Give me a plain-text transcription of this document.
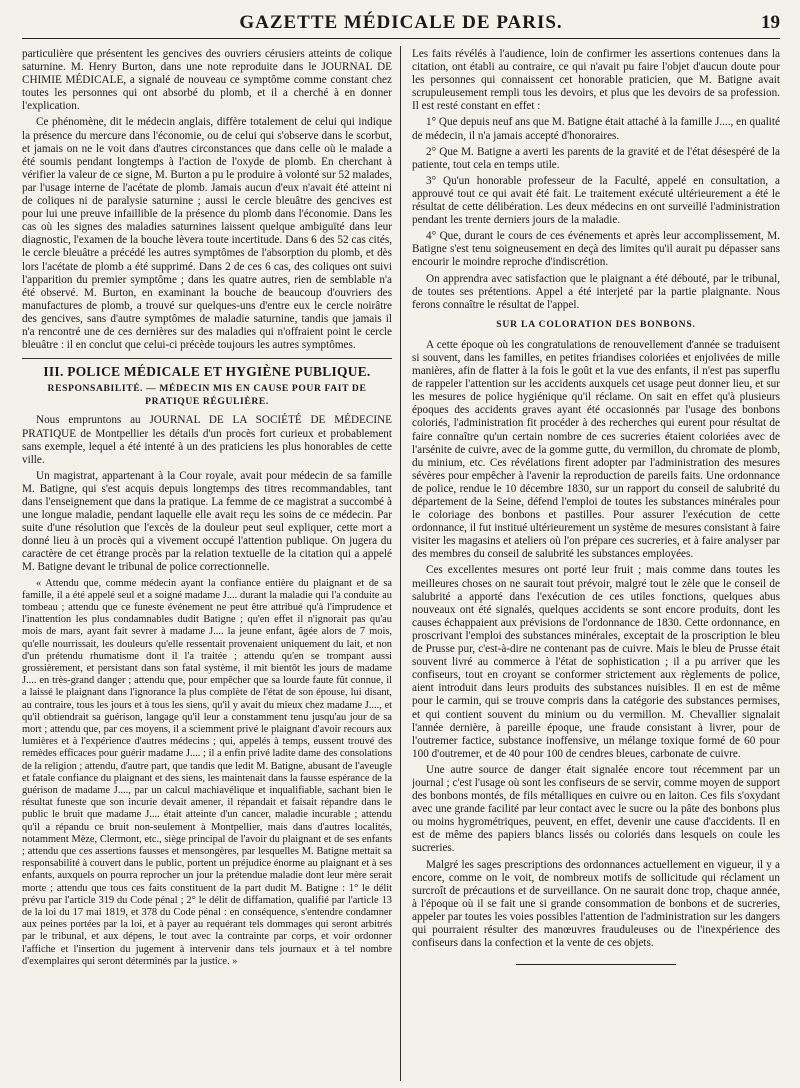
GAZETTE MÉDICALE DE PARIS.	19

particulière que présentent les gencives des ouvriers cérusiers atteints de colique saturnine. M. Henry Burton, dans une note reproduite dans le JOURNAL DE CHIMIE MÉDICALE, a signalé de nouveau ce symptôme comme constant chez toutes les personnes qui ont absorbé du plomb, et il a cherché à en donner l'explication.

Ce phénomène, dit le médecin anglais, diffère totalement de celui qui indique la présence du mercure dans l'économie, ou de celui qui s'observe dans le scorbut, et jamais on ne le voit dans d'autres circonstances que dans celle où le malade a été soumis pendant longtemps à l'action de l'oxyde de plomb. En cherchant à vérifier la valeur de ce signe, M. Burton a pu le produire à volonté sur 52 malades, par l'usage interne de l'acétate de plomb. Jamais aucun d'eux n'avait été atteint ni de coliques ni de paralysie saturnine ; aussi le cercle bleuâtre des gencives est pour lui une preuve infaillible de la présence du plomb dans l'économie. Dans les cas où les signes des maladies saturnines laissent quelque ambiguïté dans leur diagnostic, l'examen de la bouche lèvera toute incertitude. Dans 6 des 52 cas cités, le cercle bleuâtre a précédé les autres symptômes de l'absorption du plomb, et dès lors l'acétate de plomb a été supprimé. Dans 2 de ces 6 cas, des coliques ont suivi l'apparition du premier symptôme ; dans les quatre autres, rien de semblable n'a été observé. M. Burton, en examinant la bouche de beaucoup d'ouvriers des manufactures de plomb, a trouvé sur quelques-uns d'entre eux le cercle noirâtre des gencives, sans d'autre symptômes de maladie saturnine, tandis que jamais il n'a rencontré une de ces dernières sur des maladies qui n'offraient point le cercle bleuâtre : il en conclut que celui-ci précède toujours les autres symptômes.

III. POLICE MÉDICALE ET HYGIÈNE PUBLIQUE.
RESPONSABILITÉ. — MÉDECIN MIS EN CAUSE POUR FAIT DE PRATIQUE RÉGULIÈRE.

Nous empruntons au JOURNAL DE LA SOCIÉTÉ DE MÉDECINE PRATIQUE de Montpellier les détails d'un procès fort curieux et probablement sans exemple, lequel a été intenté à un des praticiens les plus honorables de cette ville.

Un magistrat, appartenant à la Cour royale, avait pour médecin de sa famille M. Batigne, qui s'est acquis depuis longtemps des titres recommandables, tant dans l'enseignement que dans la pratique. La femme de ce magistrat a succombé à une longue maladie, pendant laquelle elle avait reçu les soins de ce médecin. Par suite d'une résolution que l'excès de la douleur peut seul expliquer, cette mort a donné lieu à un procès qui a vivement occupé l'attention publique. On jugera du caractère de cet étrange procès par la relation textuelle de la citation qui a appelé M. Batigne devant le tribunal de police correctionnelle.

« Attendu que, comme médecin ayant la confiance entière du plaignant et de sa famille, il a été appelé seul et a soigné madame J.... durant la maladie qui l'a conduite au tombeau ; attendu que ce funeste événement ne peut être attribué qu'à l'imprudence et l'inattention les plus condamnables dudit Batigne ; qu'en effet il n'ignorait pas qu'au mois de mars, ayant fait sevrer à madame J.... la jeune enfant, âgée alors de 7 mois, qu'elle nourrissait, les douleurs qu'elle ressentait provenaient uniquement du lait, et non d'un prétendu rhumatisme dont il l'a traitée ; attendu qu'en se trompant aussi grossièrement, et persistant dans son fatal système, il mit bientôt les jours de madame J.... en très-grand danger ; attendu que, pour empêcher que sa lourde faute fût connue, il a laissé le plaignant dans l'ignorance la plus complète de l'état de son épouse, lui disant, au contraire, tous les jours et à tous les siens, qu'il y avait du mieux chez madame J...., et qu'il obtiendrait sa guérison, langage qu'il leur a constamment tenu jusqu'au jour de sa mort ; attendu que, par ces moyens, il a sciemment privé le plaignant d'avoir recours aux lumières et à l'expérience d'autres médecins ; qui, appelés à temps, eussent trouvé des remèdes efficaces pour guérir madame J.... ; il a enfin privé ladite dame des consolations de la religion ; attendu, d'autre part, que tandis que ledit M. Batigne, abusant de l'aveugle et fatale confiance du plaignant et des siens, les maintenait dans la fausse espérance de la guérison de madame J...., par un calcul machiavélique et inqualifiable, sachant bien le résultat funeste que son incurie devait amener, il répandait et faisait répandre dans le public le bruit que madame J.... était atteinte d'un cancer, maladie incurable ; attendu qu'il a répandu ce bruit non-seulement à Montpellier, mais dans d'autres localités, notamment Mèze, Clermont, etc., siège principal de l'avoir du plaignant et de ses enfants ; attendu que ces assertions fausses et mensongères, par lesquelles M. Batigne mettait sa responsabilité à couvert dans le public, portent un préjudice énorme au plaignant et à ses enfants, auxquels on pourra reprocher un jour la prétendue maladie dont leur mère serait morte ; attendu que tous ces faits constituent de la part dudit M. Batigne : 1° le délit prévu par l'article 319 du Code pénal ; 2° le délit de diffamation, qualifié par l'article 13 de la loi du 17 mai 1819, et 378 du Code pénal : en conséquence, s'entendre condamner aux peines portées par la loi, et à payer au requérant tels dommages qui seront arbitrés par le tribunal, et aux dépens, le tout avec la contrainte par corps, et voir ordonner l'affiche et l'insertion du jugement à intervenir dans tels journaux et à tel nombre d'exemplaires qui seront déterminés par la justice. »

Les faits révélés à l'audience, loin de confirmer les assertions contenues dans la citation, ont établi au contraire, ce qui n'avait pu faire l'objet d'aucun doute pour les personnes qui connaissent cet honorable praticien, que M. Batigne avait scrupuleusement rempli tous les devoirs, et plus que les devoirs de sa profession. Il est resté constant en effet :

1° Que depuis neuf ans que M. Batigne était attaché à la famille J...., en qualité de médecin, il n'a jamais accepté d'honoraires.

2° Que M. Batigne a averti les parents de la gravité et de l'état désespéré de la patiente, tout cela en temps utile.

3° Qu'un honorable professeur de la Faculté, appelé en consultation, a approuvé tout ce qui avait été fait. Le traitement exécuté ultérieurement a été le résultat de cette délibération. Les deux médecins en ont surveillé l'administration pendant les trente derniers jours de la maladie.

4° Que, durant le cours de ces événements et après leur accomplissement, M. Batigne s'est tenu soigneusement en deçà des limites qu'il aurait pu dépasser sans encourir le moindre reproche d'indiscrétion.

On apprendra avec satisfaction que le plaignant a été débouté, par le tribunal, de toutes ses prétentions. Appel a été interjeté par la partie plaignante. Nous ferons connaître le résultat de l'appel.

SUR LA COLORATION DES BONBONS.

A cette époque où les congratulations de renouvellement d'année se traduisent si souvent, dans les familles, en petites friandises coloriées et enjolivées de mille manières, afin de flatter à la fois le goût et la vue des enfants, il n'est pas superflu de rappeler l'attention sur les accidents auxquels cet usage peut donner lieu, et sur les mesures de police hygiénique qu'il réclame. On sait en effet qu'à plusieurs époques des accidents graves ayant été occasionnés par l'usage des bonbons coloriés, l'administration fit procéder à des recherches qui eurent pour résultat de faire connaître qu'un certain nombre de ces sucreries étaient coloriées avec de l'arsénite de cuivre, avec de la gomme gutte, du vermillon, du chromate de plomb, du minium, etc. Ces révélations firent adopter par l'administration des mesures sévères pour empêcher à l'avenir la reproduction de pareils faits. Une ordonnance de police, rendue le 10 décembre 1830, sur un rapport du conseil de salubrité du département de la Seine, défend l'emploi de toutes les substances minérales pour le coloriage des bonbons et pastilles. Pour assurer l'exécution de cette ordonnance, il fut institué ultérieurement un système de mesures consistant à faire visiter les magasins et ateliers où l'on prépare ces sucreries, et à faire analyser par des membres du conseil de salubrité les substances employées.

Ces excellentes mesures ont porté leur fruit ; mais comme dans toutes les meilleures choses on ne saurait tout prévoir, malgré tout le zèle que le conseil de salubrité a apporté dans l'exécution de ces utiles fonctions, quelques abus nouveaux ont été signalés, quelques accidents se sont encore produits, dont les causes échappaient aux prévisions de l'ordonnance de 1830. Cette ordonnance, en proscrivant l'emploi des substances minérales, exceptait de la proscription le bleu de Prusse pur, c'est-à-dire ne contenant pas de cuivre. Mais le bleu de Prusse était souvent livré au commerce à l'état de sophistication ; il a pu arriver que les confiseurs, tout en croyant se conformer strictement aux règlements de police, aient introduit dans leurs produits des substances nuisibles. Il en est de même pour le carmin, qui se trouve compris dans la catégorie des substances permises, et qui contient souvent du minium ou du vermillon. M. Chevallier signalait l'année dernière, à pareille époque, une fraude consistant à livrer, pour de l'outremer factice, substance inoffensive, un mélange toxique formé de 60 pour 100 d'outremer, et de 40 pour 100 de cendres bleues, carbonate de cuivre.

Une autre source de danger était signalée encore tout récemment par un journal ; c'est l'usage où sont les confiseurs de se servir, comme moyen de support des bonbons montés, de fils métalliques en cuivre ou en laiton. Ces fils s'oxydant avec une grande facilité par leur contact avec le sucre ou la pâte des bonbons plus ou moins hygrométriques, peuvent, en effet, devenir une cause d'accidents. Il en est de même des papiers blancs lissés ou coloriés dans lesquels on coule les sucreries.

Malgré les sages prescriptions des ordonnances actuellement en vigueur, il y a encore, comme on le voit, de nombreux motifs de sollicitude qui réclament un surcroît de précautions et de surveillance. On ne saurait donc trop, chaque année, à l'époque où il se fait une si grande consommation de bonbons et de sucreries, appeler par toutes les voies possibles l'attention de l'administration sur les dangers qui pourraient résulter des manœuvres frauduleuses ou de l'inexpérience des confiseurs dans la confection et la vente de ces objets.
